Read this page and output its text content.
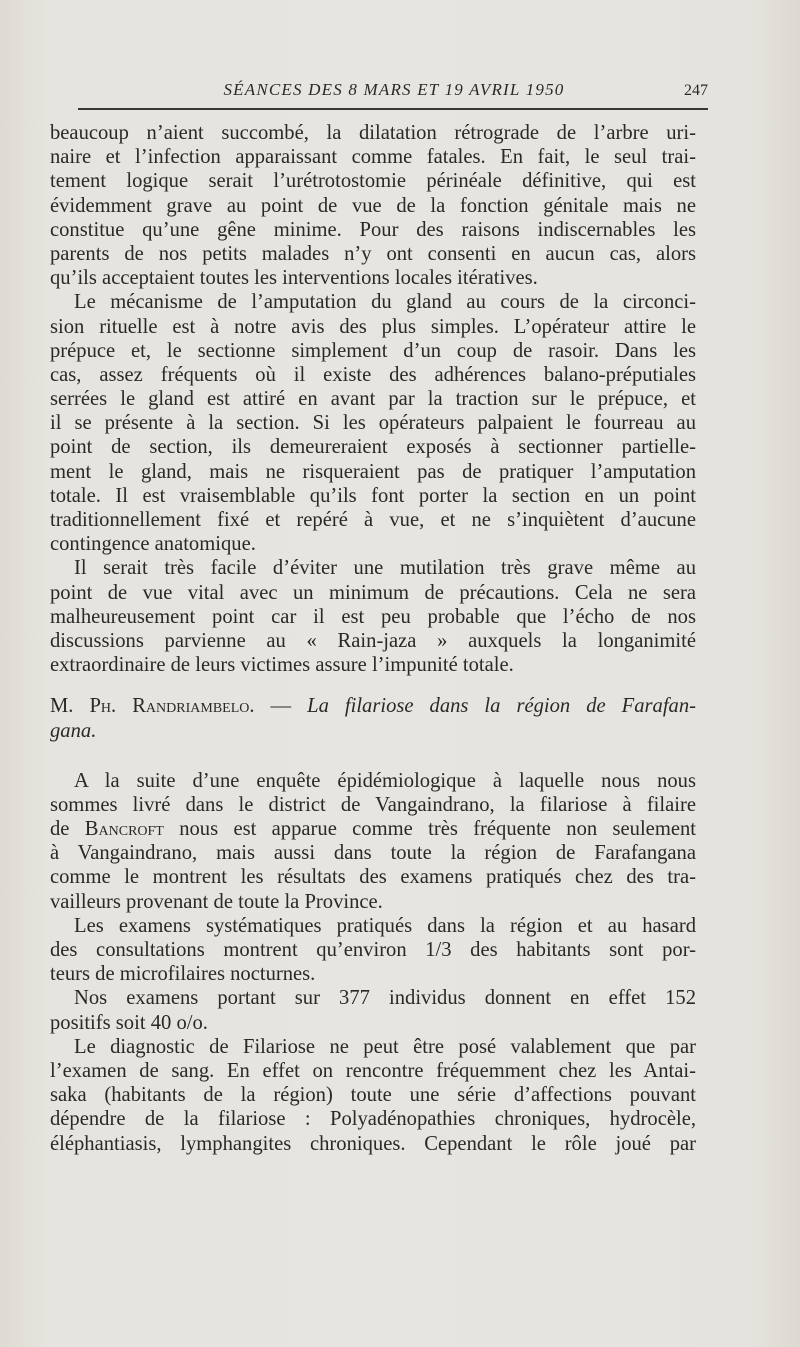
SÉANCES DES 8 MARS ET 19 AVRIL 1950	247

beaucoup n’aient succombé, la dilatation rétrograde de l’arbre uri-
naire et l’infection apparaissant comme fatales. En fait, le seul trai-
tement logique serait l’urétrotostomie périnéale définitive, qui est
évidemment grave au point de vue de la fonction génitale mais ne
constitue qu’une gêne minime. Pour des raisons indiscernables les
parents de nos petits malades n’y ont consenti en aucun cas, alors
qu’ils acceptaient toutes les interventions locales itératives.

Le mécanisme de l’amputation du gland au cours de la circonci-
sion rituelle est à notre avis des plus simples. L’opérateur attire le
prépuce et, le sectionne simplement d’un coup de rasoir. Dans les
cas, assez fréquents où il existe des adhérences balano-préputiales
serrées le gland est attiré en avant par la traction sur le prépuce, et
il se présente à la section. Si les opérateurs palpaient le fourreau au
point de section, ils demeureraient exposés à sectionner partielle-
ment le gland, mais ne risqueraient pas de pratiquer l’amputation
totale. Il est vraisemblable qu’ils font porter la section en un point
traditionnellement fixé et repéré à vue, et ne s’inquiètent d’aucune
contingence anatomique.

Il serait très facile d’éviter une mutilation très grave même au
point de vue vital avec un minimum de précautions. Cela ne sera
malheureusement point car il est peu probable que l’écho de nos
discussions parvienne au « Rain-jaza » auxquels la longanimité
extraordinaire de leurs victimes assure l’impunité totale.

M. Ph. Randriambelo. — La filariose dans la région de Farafan-
gana.

A la suite d’une enquête épidémiologique à laquelle nous nous
sommes livré dans le district de Vangaindrano, la filariose à filaire
de Bancroft nous est apparue comme très fréquente non seulement
à Vangaindrano, mais aussi dans toute la région de Farafangana
comme le montrent les résultats des examens pratiqués chez des tra-
vailleurs provenant de toute la Province.

Les examens systématiques pratiqués dans la région et au hasard
des consultations montrent qu’environ 1/3 des habitants sont por-
teurs de microfilaires nocturnes.

Nos examens portant sur 377 individus donnent en effet 152
positifs soit 40 o/o.

Le diagnostic de Filariose ne peut être posé valablement que par
l’examen de sang. En effet on rencontre fréquemment chez les Antai-
saka (habitants de la région) toute une série d’affections pouvant
dépendre de la filariose : Polyadénopathies chroniques, hydrocèle,
éléphantiasis, lymphangites chroniques. Cependant le rôle joué par
